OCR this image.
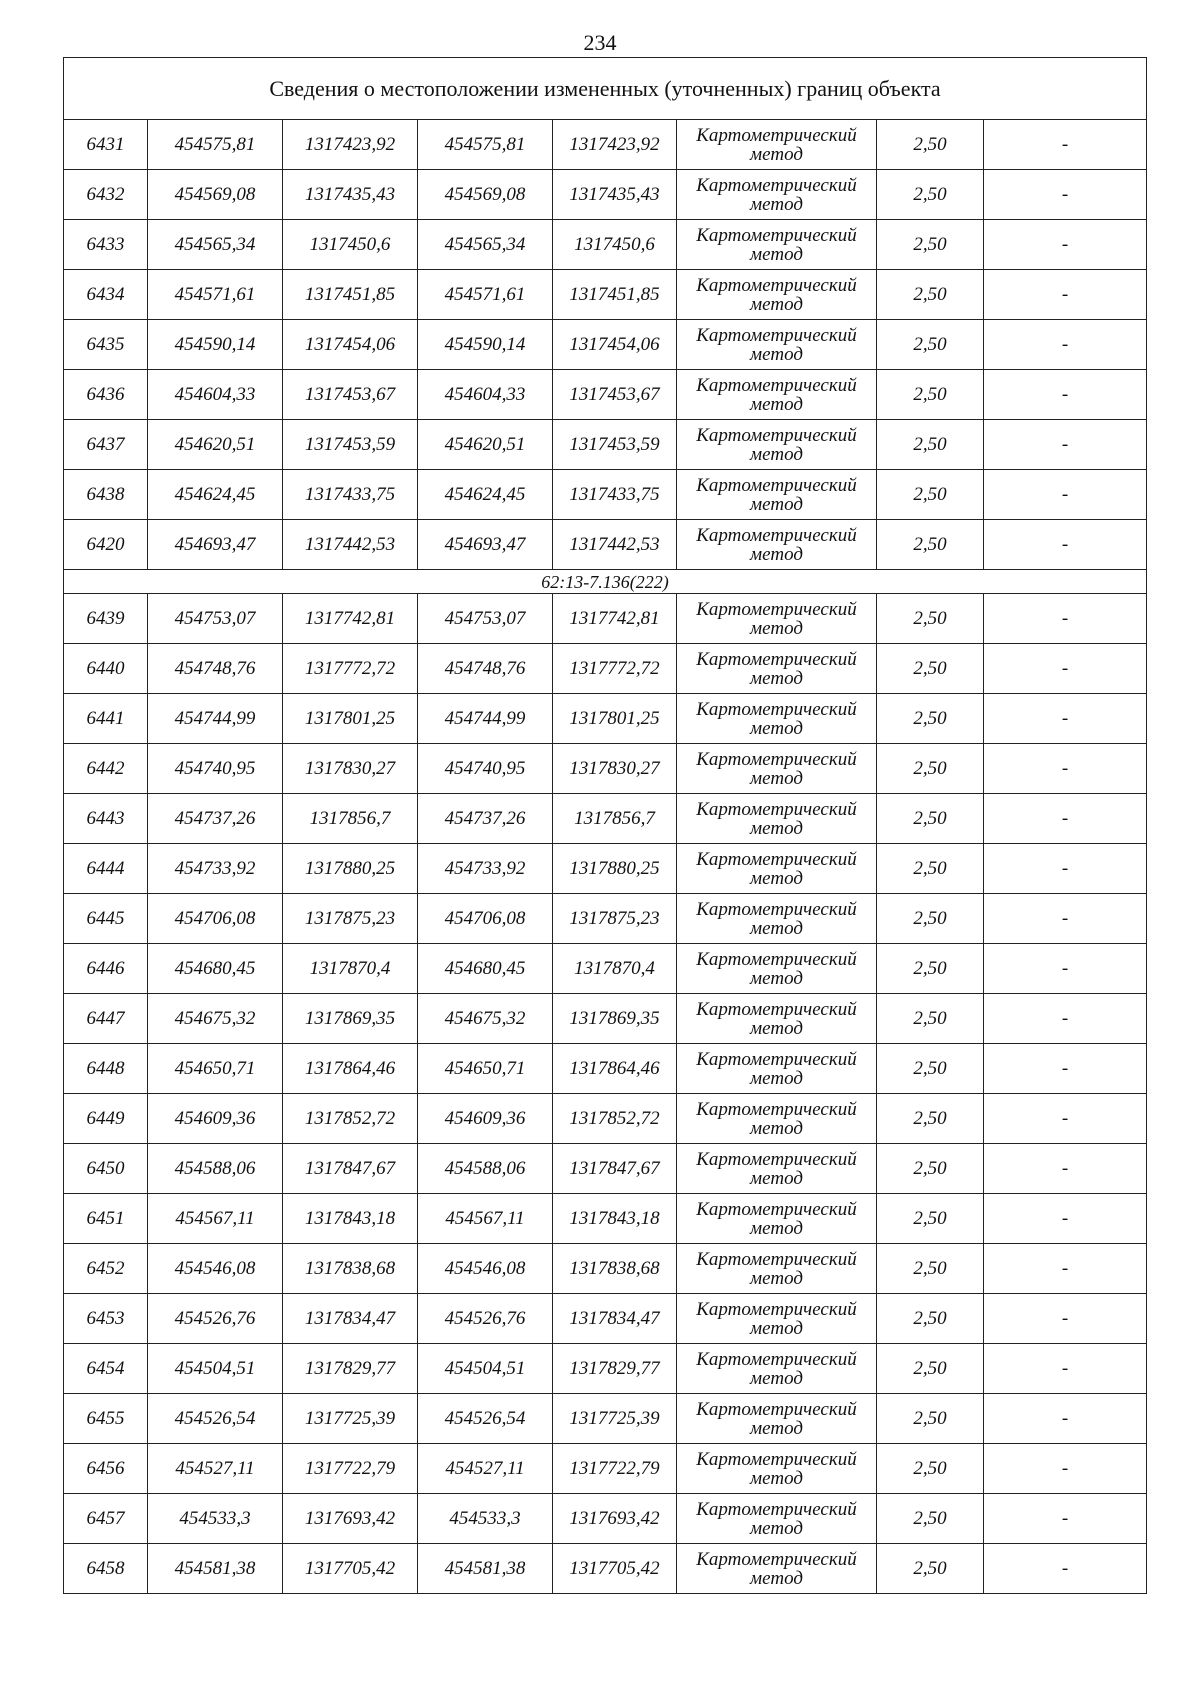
234
Сведения о местоположении измененных (уточненных) границ объекта							
6431	454575,81	1317423,92	454575,81	1317423,92	Картометрический метод	2,50	-
6432	454569,08	1317435,43	454569,08	1317435,43	Картометрический метод	2,50	-
6433	454565,34	1317450,6	454565,34	1317450,6	Картометрический метод	2,50	-
6434	454571,61	1317451,85	454571,61	1317451,85	Картометрический метод	2,50	-
6435	454590,14	1317454,06	454590,14	1317454,06	Картометрический метод	2,50	-
6436	454604,33	1317453,67	454604,33	1317453,67	Картометрический метод	2,50	-
6437	454620,51	1317453,59	454620,51	1317453,59	Картометрический метод	2,50	-
6438	454624,45	1317433,75	454624,45	1317433,75	Картометрический метод	2,50	-
6420	454693,47	1317442,53	454693,47	1317442,53	Картометрический метод	2,50	-
62:13-7.136(222)							
6439	454753,07	1317742,81	454753,07	1317742,81	Картометрический метод	2,50	-
6440	454748,76	1317772,72	454748,76	1317772,72	Картометрический метод	2,50	-
6441	454744,99	1317801,25	454744,99	1317801,25	Картометрический метод	2,50	-
6442	454740,95	1317830,27	454740,95	1317830,27	Картометрический метод	2,50	-
6443	454737,26	1317856,7	454737,26	1317856,7	Картометрический метод	2,50	-
6444	454733,92	1317880,25	454733,92	1317880,25	Картометрический метод	2,50	-
6445	454706,08	1317875,23	454706,08	1317875,23	Картометрический метод	2,50	-
6446	454680,45	1317870,4	454680,45	1317870,4	Картометрический метод	2,50	-
6447	454675,32	1317869,35	454675,32	1317869,35	Картометрический метод	2,50	-
6448	454650,71	1317864,46	454650,71	1317864,46	Картометрический метод	2,50	-
6449	454609,36	1317852,72	454609,36	1317852,72	Картометрический метод	2,50	-
6450	454588,06	1317847,67	454588,06	1317847,67	Картометрический метод	2,50	-
6451	454567,11	1317843,18	454567,11	1317843,18	Картометрический метод	2,50	-
6452	454546,08	1317838,68	454546,08	1317838,68	Картометрический метод	2,50	-
6453	454526,76	1317834,47	454526,76	1317834,47	Картометрический метод	2,50	-
6454	454504,51	1317829,77	454504,51	1317829,77	Картометрический метод	2,50	-
6455	454526,54	1317725,39	454526,54	1317725,39	Картометрический метод	2,50	-
6456	454527,11	1317722,79	454527,11	1317722,79	Картометрический метод	2,50	-
6457	454533,3	1317693,42	454533,3	1317693,42	Картометрический метод	2,50	-
6458	454581,38	1317705,42	454581,38	1317705,42	Картометрический метод	2,50	-
